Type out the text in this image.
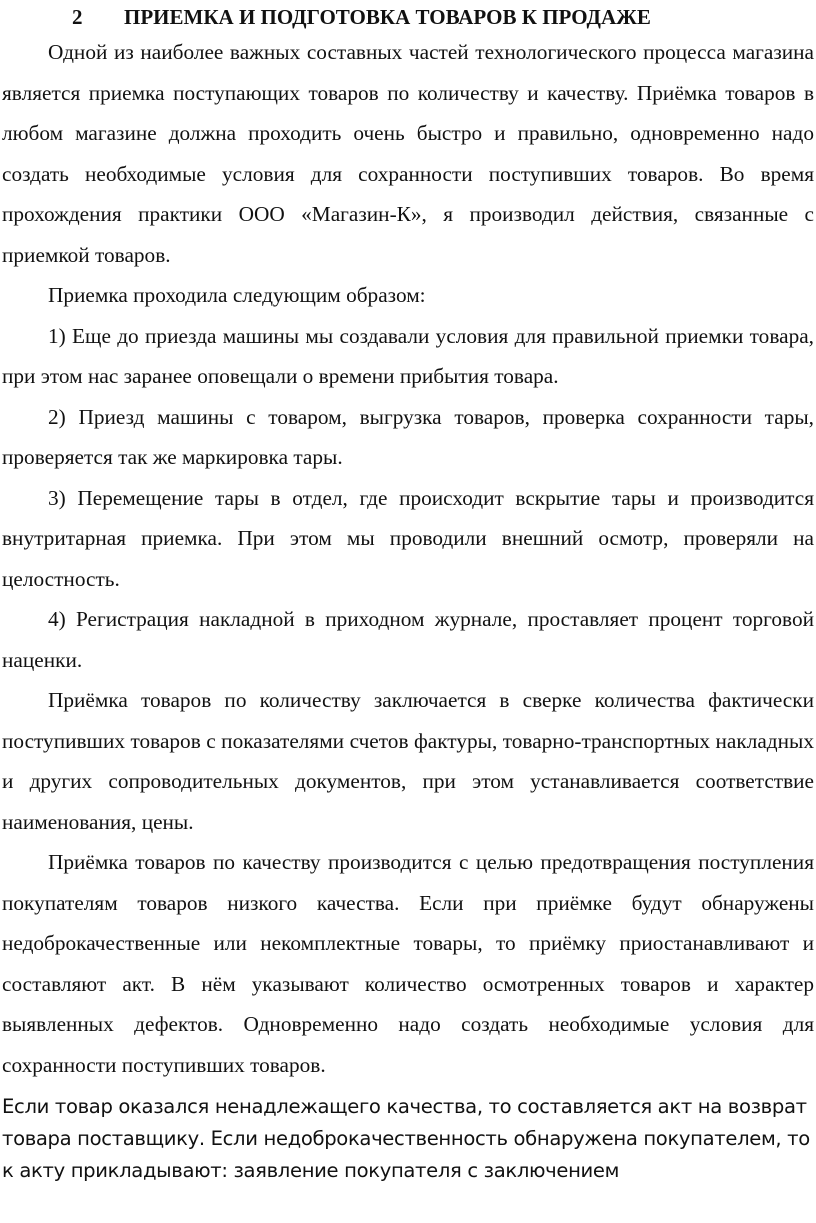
2 ПРИЕМКА И ПОДГОТОВКА ТОВАРОВ К ПРОДАЖЕ

Одной из наиболее важных составных частей технологического процесса магазина является приемка поступающих товаров по количеству и качеству. Приёмка товаров в любом магазине должна проходить очень быстро и правильно, одновременно надо создать необходимые условия для сохранности поступивших товаров. Во время прохождения практики ООО «Магазин-К», я производил действия, связанные с приемкой товаров.

Приемка проходила следующим образом:

1) Еще до приезда машины мы создавали условия для правильной приемки товара, при этом нас заранее оповещали о времени прибытия товара.

2) Приезд машины с товаром, выгрузка товаров, проверка сохранности тары, проверяется так же маркировка тары.

3) Перемещение тары в отдел, где происходит вскрытие тары и производится внутритарная приемка. При этом мы проводили внешний осмотр, проверяли на целостность.

4) Регистрация накладной в приходном журнале, проставляет процент торговой наценки.

Приёмка товаров по количеству заключается в сверке количества фактически поступивших товаров с показателями счетов фактуры, товарно-транспортных накладных и других сопроводительных документов, при этом устанавливается соответствие наименования, цены.

Приёмка товаров по качеству производится с целью предотвращения поступления покупателям товаров низкого качества. Если при приёмке будут обнаружены недоброкачественные или некомплектные товары, то приёмку приостанавливают и составляют акт. В нём указывают количество осмотренных товаров и характер выявленных дефектов. Одновременно надо создать необходимые условия для сохранности поступивших товаров.

Если товар оказался ненадлежащего качества, то составляется акт на возврат товара поставщику. Если недоброкачественность обнаружена покупателем, то к акту прикладывают: заявление покупателя с заключением
